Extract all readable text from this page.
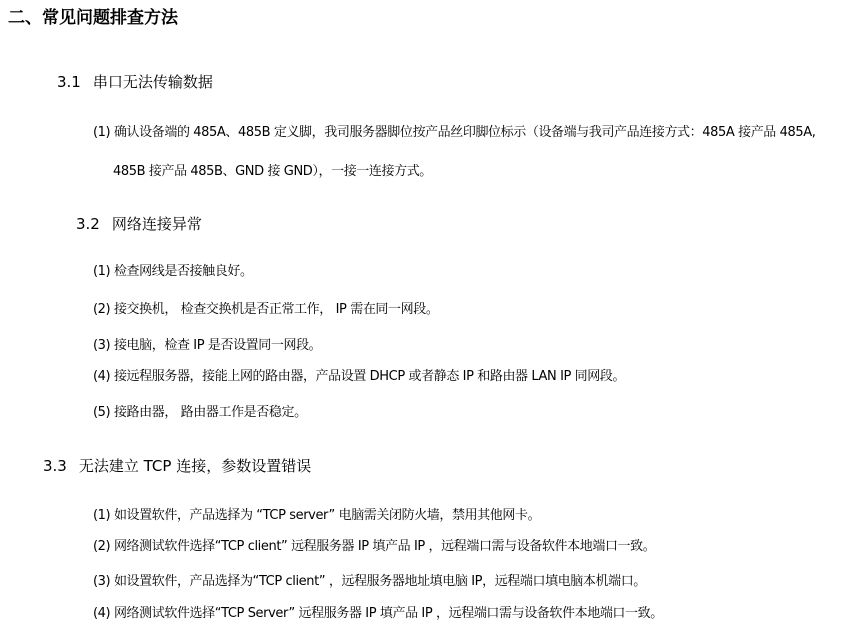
二、常见问题排查方法
3.1 串口无法传输数据
(1) 确认设备端的 485A、485B 定义脚，我司服务器脚位按产品丝印脚位标示（设备端与我司产品连接方式：485A 接产品 485A,
485B 接产品 485B、GND 接 GND），一接一连接方式。
3.2 网络连接异常
(1) 检查网线是否接触良好。
(2) 接交换机， 检查交换机是否正常工作， IP 需在同一网段。
(3) 接电脑，检查 IP 是否设置同一网段。
(4) 接远程服务器，接能上网的路由器，产品设置 DHCP 或者静态 IP 和路由器 LAN IP 同网段。
(5) 接路由器， 路由器工作是否稳定。
3.3 无法建立 TCP 连接，参数设置错误
(1) 如设置软件，产品选择为 “TCP server” 电脑需关闭防火墙，禁用其他网卡。
(2) 网络测试软件选择“TCP client” 远程服务器 IP 填产品 IP ，远程端口需与设备软件本地端口一致。
(3) 如设置软件，产品选择为“TCP client” ，远程服务器地址填电脑 IP，远程端口填电脑本机端口。
(4) 网络测试软件选择“TCP Server” 远程服务器 IP 填产品 IP ，远程端口需与设备软件本地端口一致。
